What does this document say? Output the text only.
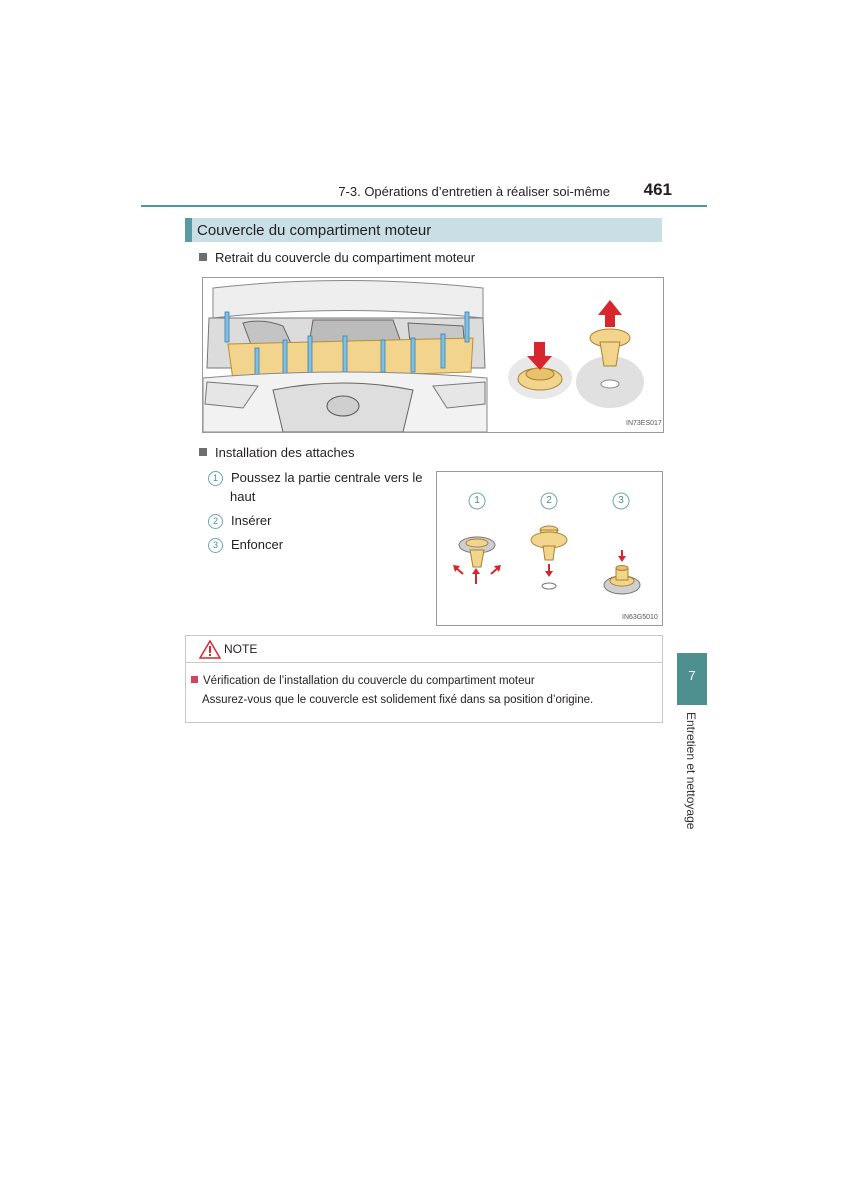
7-3. Opérations d’entretien à réaliser soi-même	461
Couvercle du compartiment moteur
Retrait du couvercle du compartiment moteur
IN73ES017
Installation des attaches
1 Poussez la partie centrale vers le
haut
2 Insérer
3 Enfoncer
1	2	3
IN63G5010
NOTE
Vérification de l’installation du couvercle du compartiment moteur
Assurez-vous que le couvercle est solidement fixé dans sa position d’origine.
7
Entretien et nettoyage
